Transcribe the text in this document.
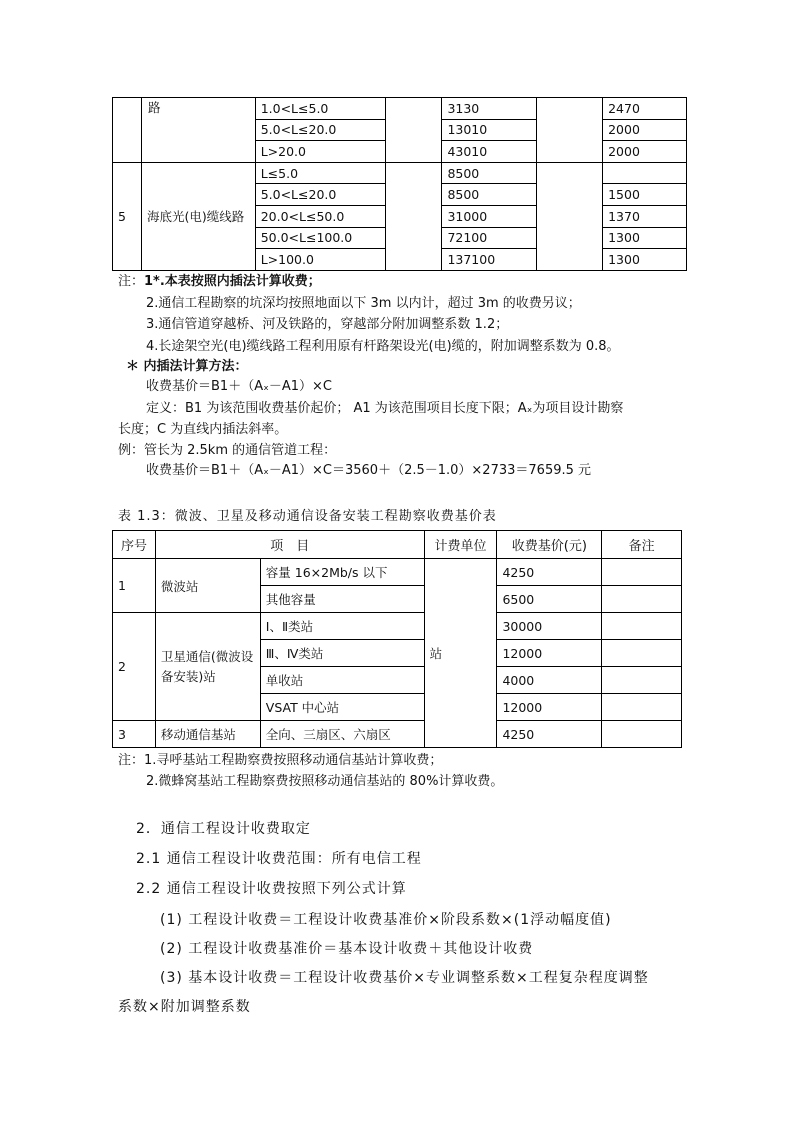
	路	1.0<L≤5.0		3130		2470
		5.0<L≤20.0		13010		2000
		L>20.0		43010		2000
5	海底光(电)缆线路	L≤5.0		8500		
		5.0<L≤20.0		8500		1500
		20.0<L≤50.0		31000		1370
		50.0<L≤100.0		72100		1300
		L>100.0		137100		1300
注：1*.本表按照内插法计算收费；
2.通信工程勘察的坑深均按照地面以下 3m 以内计，超过 3m 的收费另议；
3.通信管道穿越桥、河及铁路的，穿越部分附加调整系数 1.2；
4.长途架空光(电)缆线路工程利用原有杆路架设光(电)缆的，附加调整系数为 0.8。
＊ 内插法计算方法：
收费基价＝B1＋（Aₓ－A1）×C
定义：B1 为该范围收费基价起价； A1 为该范围项目长度下限；Aₓ为项目设计勘察
长度；C 为直线内插法斜率。
例：管长为 2.5km 的通信管道工程：
收费基价＝B1＋（Aₓ－A1）×C＝3560＋（2.5－1.0）×2733＝7659.5 元
表 1.3：微波、卫星及移动通信设备安装工程勘察收费基价表
序号	项　目		计费单位	收费基价(元)	备注
1	微波站	容量 16×2Mb/s 以下	站	4250	
		其他容量		6500	
2	卫星通信(微波设备安装)站	Ⅰ、Ⅱ类站		30000	
		Ⅲ、Ⅳ类站		12000	
		单收站		4000	
		VSAT 中心站		12000	
3	移动通信基站	全向、三扇区、六扇区		4250	
注：1.寻呼基站工程勘察费按照移动通信基站计算收费；
2.微蜂窝基站工程勘察费按照移动通信基站的 80%计算收费。
2．通信工程设计收费取定
2.1 通信工程设计收费范围：所有电信工程
2.2 通信工程设计收费按照下列公式计算
(1) 工程设计收费＝工程设计收费基准价×阶段系数×(1浮动幅度值)
(2) 工程设计收费基准价＝基本设计收费＋其他设计收费
(3) 基本设计收费＝工程设计收费基价×专业调整系数×工程复杂程度调整
系数×附加调整系数
